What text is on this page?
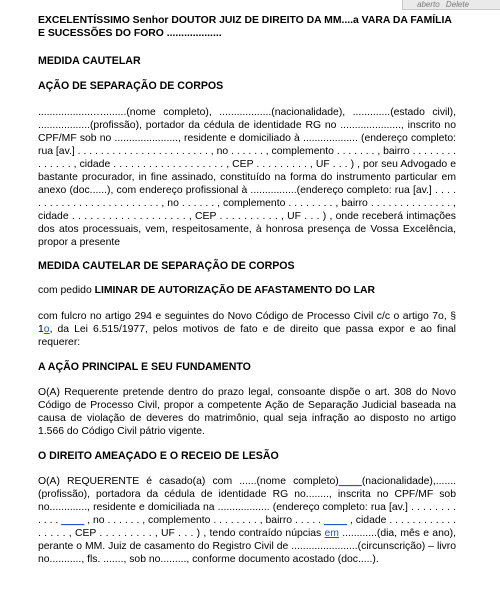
aberto Delete

EXCELENTÍSSIMO Senhor DOUTOR JUIZ DE DIREITO DA MM....a VARA DA FAMÍLIA E SUCESSÕES DO FORO ...................

MEDIDA CAUTELAR

AÇÃO DE SEPARAÇÃO DE CORPOS

...................…........(nome completo), ..................(nacionalidade), .............(estado civil), ..................(profissão), portador da cédula de identidade RG no ....................., inscrito no CPF/MF sob no ......................, residente e domiciliado à ................... (endereço completo: rua [av.] . . . . . . . . . . . . . . . . . . . . . . . , no . . . . . . , complemento . . . . . . . , bairro . . . . . . . . . . . . . . , cidade . . . . . . . . . . . . . . . . . . . , CEP . . . . . . . . . , UF . . . ) , por seu Advogado e bastante procurador, in fine assinado, constituído na forma do instrumento particular em anexo (doc......), com endereço profissional à ................(endereço completo: rua [av.] . . . . . . . . . . . . . . . . . . . . . . . . . , no . . . . . . , complemento . . . . . . . . , bairro . . . . . . . . . . . . . . , cidade . . . . . . . . . . . . . . . . . . . , CEP . . . . . . . . . . , UF . . . ) , onde receberá intimações dos atos processuais, vem, respeitosamente, à honrosa presença de Vossa Excelência, propor a presente

MEDIDA CAUTELAR DE SEPARAÇÃO DE CORPOS

com pedido LIMINAR DE AUTORIZAÇÃO DE AFASTAMENTO DO LAR

com fulcro no artigo 294 e seguintes do Novo Código de Processo Civil c/c o artigo 7o, § 1o, da Lei 6.515/1977, pelos motivos de fato e de direito que passa expor e ao final requerer:

A AÇÃO PRINCIPAL E SEU FUNDAMENTO

O(A) Requerente pretende dentro do prazo legal, consoante dispõe o art. 308 do Novo Código de Processo Civil, propor a competente Ação de Separação Judicial baseada na causa de violação de deveres do matrimônio, qual seja infração ao disposto no artigo 1.566 do Código Civil pátrio vigente.

O DIREITO AMEAÇADO E O RECEIO DE LESÃO

O(A) REQUERENTE é casado(a) com ......(nome completo)____(nacionalidade),....... (profissão), portadora da cédula de identidade RG no........, inscrita no CPF/MF sob no............., residente e domiciliada na .................. (endereço completo: rua [av.] . . . . . . . . . . . . ____ , no . . . . . . , complemento . . . . . . . . , bairro . . . . . ____ , cidade . . . . . . . . . . . . . . . . . , CEP . . . . . . . . . , UF . . . ) , tendo contraído núpcias em ............(dia, mês e ano), perante o MM. Juiz de casamento do Registro Civil de .......................(circunscrição) – livro no..........., fls. ......., sob no........., conforme documento acostado (doc.....).
